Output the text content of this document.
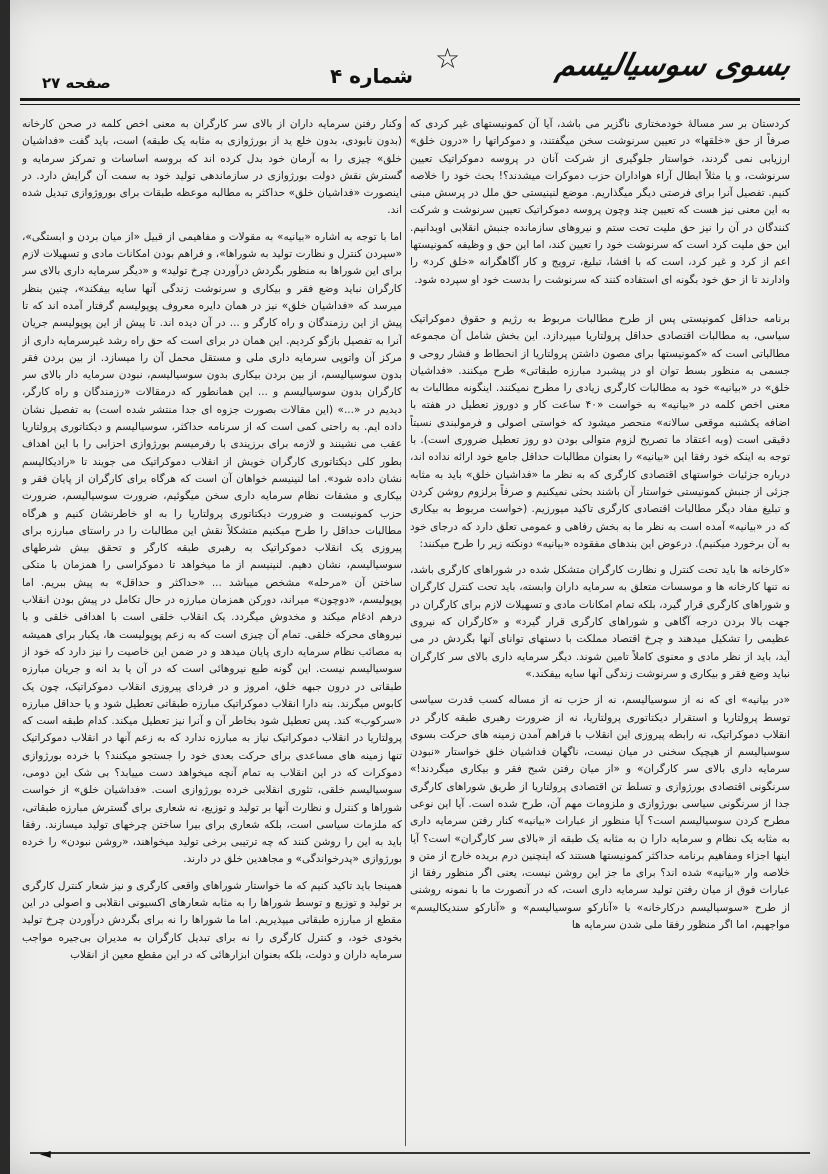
بسوی سوسیالیسم
☆
شماره ۴
صفحه ۲۷

کردستان بر سر مسالهٔ خودمختاری ناگزیر می باشد، آیا آن کمونیستهای غیر کردی که صرفاً از حق «خلقها» در تعیین سرنوشت سخن میگفتند، و دموکراتها را «درون خلق» ارزیابی نمی گردند، خواستار جلوگیری از شرکت آنان در پروسه دموکراتیک تعیین سرنوشت، و یا مثلاً ابطال آراء هواداران حزب دموکرات میشدند؟! بحث خود را خلاصه کنیم. تفصیل آنرا برای فرصتی دیگر میگذاریم. موضع لنینیستی حق ملل در پرسش مبنی به این معنی نیز هست که تعیین چند وچون پروسه دموکراتیک تعیین سرنوشت و شرکت کنندگان در آن را نیز حق ملیت تحت ستم و نیروهای سازمانده جنبش انقلابی اوبدانیم. این حق ملیت کرد است که سرنوشت خود را تعیین کند، اما این حق و وظیفه کمونیستها اعم از کرد و غیر کرد، است که با افشا، تبلیغ، ترویج و کار آگاهگرانه «خلق کرد» را وادارند تا از حق خود بگونه ای استفاده کنند که سرنوشت را بدست خود او سپرده شود.

برنامه حداقل کمونیستی پس از طرح مطالبات مربوط به رژیم و حقوق دموکراتیک سیاسی، به مطالبات اقتصادی حداقل پرولتاریا میپردازد. این بخش شامل آن مجموعه مطالباتی است که «کمونیستها برای مصون داشتن پرولتاریا از انحطاط و فشار روحی و جسمی به منظور بسط توان او در پیشبرد مبارزه طبقاتی» طرح میکنند. «فداشیان خلق» در «بیانیه» خود به مطالبات کارگری زیادی را مطرح نمیکنند. اینگونه مطالبات به معنی اخص کلمه در «بیانیه» به خواست «۴۰ ساعت کار و دوروز تعطیل در هفته با اضافه یکشنبه موقعی سالانه» منحصر میشود که خواستی اصولی و فرمولبندی نسبتاً دقیقی است (وبه اعتقاد ما تصریح لزوم متوالی بودن دو روز تعطیل ضروری است). با توجه به اینکه خود رفقا این «بیانیه» را بعنوان مطالبات حداقل جامع خود ارائه نداده اند، درباره جزئیات خواستهای اقتصادی کارگری که به نظر ما «فداشیان خلق» باید به مثابه جزئی از جنبش کمونیستی خواستار آن باشند بحثی نمیکنیم و صرفاً برلزوم روشن کردن و تبلیغ مفاد دیگر مطالبات اقتصادی کارگری تاکید میورزیم. (خواست مربوط به بیکاری که در «بیانیه» آمده است به نظر ما به بخش رفاهی و عمومی تعلق دارد که درجای خود به آن برخورد میکنیم). درعوض این بندهای مفقوده «بیانیه» دونکته زیر را طرح میکنند:

«کارخانه ها باید تحت کنترل و نظارت کارگران متشکل شده در شوراهای کارگری باشد، نه تنها کارخانه ها و موسسات متعلق به سرمایه داران وابسته، باید تحت کنترل کارگران و شوراهای کارگری قرار گیرد، بلکه تمام امکانات مادی و تسهیلات لازم برای کارگران در جهت بالا بردن درجه آگاهی و شوراهای کارگری قرار گیرد» و «کارگران که نیروی عظیمی را تشکیل میدهند و چرخ اقتصاد مملکت با دستهای توانای آنها بگردش در می آید، باید از نظر مادی و معنوی کاملاً تامین شوند. دیگر سرمایه داری بالای سر کارگران نباید وضع فقر و بیکاری و سرنوشت زندگی آنها سایه بیفکند.»

«در بیانیه» ای که نه از سوسیالیسم، نه از حزب نه از مساله کسب قدرت سیاسی توسط پرولتاریا و استقرار دیکتاتوری پرولتاریا، نه از ضرورت رهبری طبقه کارگر در انقلاب دموکراتیک، نه رابطه پیروزی این انقلاب با فراهم آمدن زمینه های حرکت بسوی سوسیالیسم از هیچیک سخنی در میان نیست، ناگهان فداشیان خلق خواستار «نبودن سرمایه داری بالای سر کارگران» و «از میان رفتن شبح فقر و بیکاری میگردند!» سرنگونی اقتصادی بورژوازی و تسلط تن اقتصادی پرولتاریا از طریق شوراهای کارگری جدا از سرنگونی سیاسی بورژوازی و ملزومات مهم آن، طرح شده است. آیا این نوعی مطرح کردن سوسیالیسم است؟ آیا منظور از عبارات «بیانیه» کنار رفتن سرمایه داری به مثابه یک نظام و سرمایه دارا ن به مثابه یک طبقه از «بالای سر کارگران» است؟ آیا اینها اجزاء ومفاهیم برنامه حداکثر کمونیستها هستند که اینچنین درم بریده خارج از متن و خلاصه وار «بیانیه» شده اند؟ برای ما جز این روشن نیست، یعنی اگر منظور رفقا از عبارات فوق از میان رفتن تولید سرمایه داری است، که در آنصورت ما با نمونه روشنی از طرح «سوسیالیسم درکارخانه» با «آنارکو سوسیالیسم» و «آنارکو سندیکالیسم» مواجهیم، اما اگر منظور رفقا ملی شدن سرمایه ها

وکنار رفتن سرمایه داران از بالای سر کارگران به معنی اخص کلمه در صحن کارخانه (بدون نابودی، بدون خلع ید از بورژوازی به مثابه یک طبقه) است، باید گفت «فداشیان خلق» چیزی را به آرمان خود بدل کرده اند که بروسه اساسات و تمرکز سرمایه و گسترش نقش دولت بورژوازی در سازماندهی تولید خود به سمت آن گرایش دارد. در اینصورت «فداشیان خلق» حداکثر به مطالبه موعظه طبقات برای بوروژوازی تبدیل شده اند.

اما با توجه به اشاره «بیانیه» به مقولات و مفاهیمی از قبیل «از میان بردن و ابستگی»، «سپردن کنترل و نظارت تولید به شوراها»، و فراهم بودن امکانات مادی و تسهیلات لازم برای این شوراها به منظور بگردش درآوردن چرخ تولید» و «دیگر سرمایه داری بالای سر کارگران نباید وضع فقر و بیکاری و سرنوشت زندگی آنها سایه بیفکند»، چنین بنظر میرسد که «فداشیان خلق» نیز در همان دایره معروف پوپولیسم گرفتار آمده اند که تا پیش از این رزمندگان و راه کارگر و ... در آن دیده اند. تا پیش از این پوپولیسم جریان آنرا به تفصیل بازگو کردیم. این همان در برای است که حق راه رشد غیرسرمایه داری از مرکز آن واتوپی سرمایه داری ملی و مستقل محمل آن را میسازد. از بین بردن فقر بدون سوسیالیسم، از بین بردن بیکاری بدون سوسیالیسم، نبودن سرمایه دار بالای سر کارگران بدون سوسیالیسم و ... این همانطور که درمقالات «رزمندگان و راه کارگر، دیدیم در «...» (این مقالات بصورت جزوه ای جدا منتشر شده است) به تفصیل نشان داده ایم. به راحتی کمی است که از سرنامه حداکثر، سوسیالیسم و دیکتاتوری پرولتاریا عقب می نشینند و لازمه برای برزیندی با رفرمیسم بورژوازی احزابی را با این اهداف بطور کلی دیکتاتوری کارگران خویش از انقلاب دموکراتیک می جویند تا «رادیکالیسم نشان داده شود». اما لنینیسم خواهان آن است که هرگاه برای کارگران از پایان فقر و بیکاری و مشقات نظام سرمایه داری سخن میگوئیم، ضرورت سوسیالیسم، ضرورت حزب کمونیست و ضرورت دیکتاتوری پرولتاریا را به او خاطرنشان کنیم و هرگاه مطالبات حداقل را طرح میکنیم متشکلاً نقش این مطالبات را در راستای مبارزه برای پیروزی یک انقلاب دموکراتیک به رهبری طبقه کارگر و تحقق بیش شرطهای سوسیالیسم، نشان دهیم. لنینیسم از ما میخواهد تا دموکراسی را همزمان با متکی ساختن آن «مرحله» مشخص میباشد ... «حداکثر و حداقل» به پیش ببریم. اما پوپولیسم، «دوچون» میراند، دورکن همزمان مبارزه در حال تکامل در پیش بودن انقلاب درهم ادغام میکند و مخدوش میگردد. یک انقلاب خلقی است با اهدافی خلقی و با نیروهای محرکه خلقی. تمام آن چیزی است که به زعم پوپولیست ها، یکبار برای همیشه به مصائب نظام سرمایه داری پایان میدهد و در ضمن این خاصیت را نیز دارد که خود از سوسیالیسم نیست. این گونه طبع نیروهائی است که در آن یا بد انه و جریان مبارزه طبقاتی در درون جبهه خلق، امروز و در فردای پیروزی انقلاب دموکراتیک، چون یک کابوس میگرند. بنه دارا انقلاب دموکراتیک مبارزه طبقاتی تعطیل شود و یا حداقل مبارزه «سرکوب» کند. پس تعطیل شود بخاطر آن و آنرا نیز تعطیل میکند. کدام طبقه است که پرولتاریا در انقلاب دموکراتیک نیاز به مبارزه ندارد که به زعم آنها در انقلاب دموکراتیک تنها زمینه های مساعدی برای حرکت بعدی خود را جستجو میکنند؟ با خرده بورژوازی دموکرات که در این انقلاب به تمام آنچه میخواهد دست مییابد؟ بی شک این دومی، سوسیالیسم خلقی، تئوری انقلابی خرده بورژوازی است. «فداشیان خلق» از خواست شوراها و کنترل و نظارت آنها بر تولید و توزیع، نه شعاری برای گسترش مبارزه طبقاتی، که ملزمات سیاسی است، بلکه شعاری برای بیرا ساختن چرخهای تولید میسازند. رفقا باید به این را روشن کنند که چه ترتیبی برخی تولید میخواهند، «روشن نبودن» را خرده بورژوازی «پدرخواندگی» و مجاهدین خلق در دارند.

همینجا باید تاکید کنیم که ما خواستار شوراهای واقعی کارگری و نیز شعار کنترل کارگری بر تولید و توزیع و توسط شوراها را به مثابه شعارهای اکسیونی انقلابی و اصولی در این مقطع از مبارزه طبقاتی میپذیریم. اما ما شوراها را نه برای بگردش درآوردن چرخ تولید بخودی خود، و کنترل کارگری را نه برای تبدیل کارگران به مدیران بی‌جیره مواجب سرمایه داران و دولت، بلکه بعنوان ابزارهائی که در این مقطع معین از انقلاب

◄
